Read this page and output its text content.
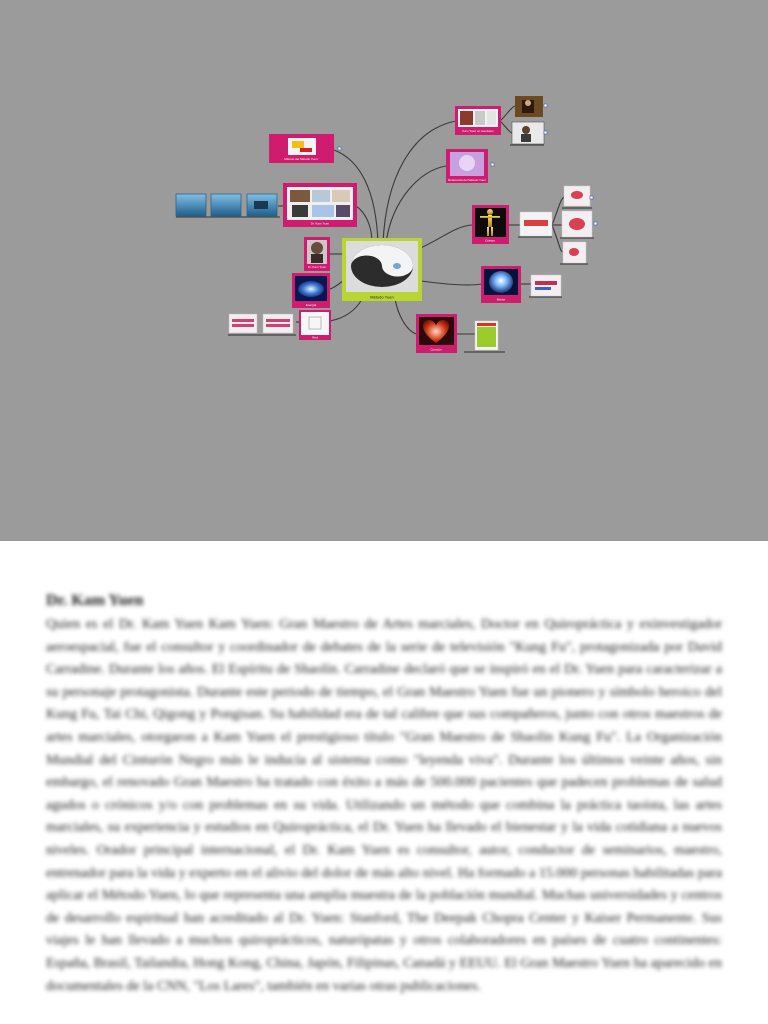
Método Yuen
Kam Yuen en televisión
Referencia del Método Yuen
Método del Método Yuen
Dr. Kam Yuen
Dr. Kam Yuen
Energía
Red
Cuerpo
Mente
Corazón
Dr. Kam Yuen

Quien es el Dr. Kam Yuen Kam Yuen: Gran Maestro de Artes marciales, Doctor en Quiropráctica y exinvestigador aeroespacial, fue el consultor y coordinador de debates de la serie de televisión "Kung Fu", protagonizada por David Carradine. Durante los años. El Espíritu de Shaolín. Carradine declaró que se inspiró en el Dr. Yuen para caracterizar a su personaje protagonista. Durante este periodo de tiempo, el Gran Maestro Yuen fue un pionero y símbolo heroico del Kung Fu, Tai Chi, Qigong y Pongisan. Su habilidad era de tal calibre que sus compañeros, junto con otros maestros de artes marciales, otorgaron a Kam Yuen el prestigioso título "Gran Maestro de Shaolín Kung Fu". La Organización Mundial del Cinturón Negro más le inducía al sistema como "leyenda viva". Durante los últimos veinte años, sin embargo, el renovado Gran Maestro ha tratado con éxito a más de 500.000 pacientes que padecen problemas de salud agudos o crónicos y/o con problemas en su vida. Utilizando un método que combina la práctica taoísta, las artes marciales, su experiencia y estudios en Quiropráctica, el Dr. Yuen ha llevado el bienestar y la vida cotidiana a nuevos niveles. Orador principal internacional, el Dr. Kam Yuen es consultor, autor, conductor de seminarios, maestro, entrenador para la vida y experto en el alivio del dolor de más alto nivel. Ha formado a 15.000 personas habilitadas para aplicar el Método Yuen, lo que representa una amplia muestra de la población mundial. Muchas universidades y centros de desarrollo espiritual han acreditado al Dr. Yuen: Stanford, The Deepak Chopra Center y Kaiser Permanente. Sus viajes le han llevado a muchos quiroprácticos, naturópatas y otros colaboradores en países de cuatro continentes: España, Brasil, Tailandia, Hong Kong, China, Japón, Filipinas, Canadá y EEUU. El Gran Maestro Yuen ha aparecido en documentales de la CNN, "Los Lares", también en varias otras publicaciones.
